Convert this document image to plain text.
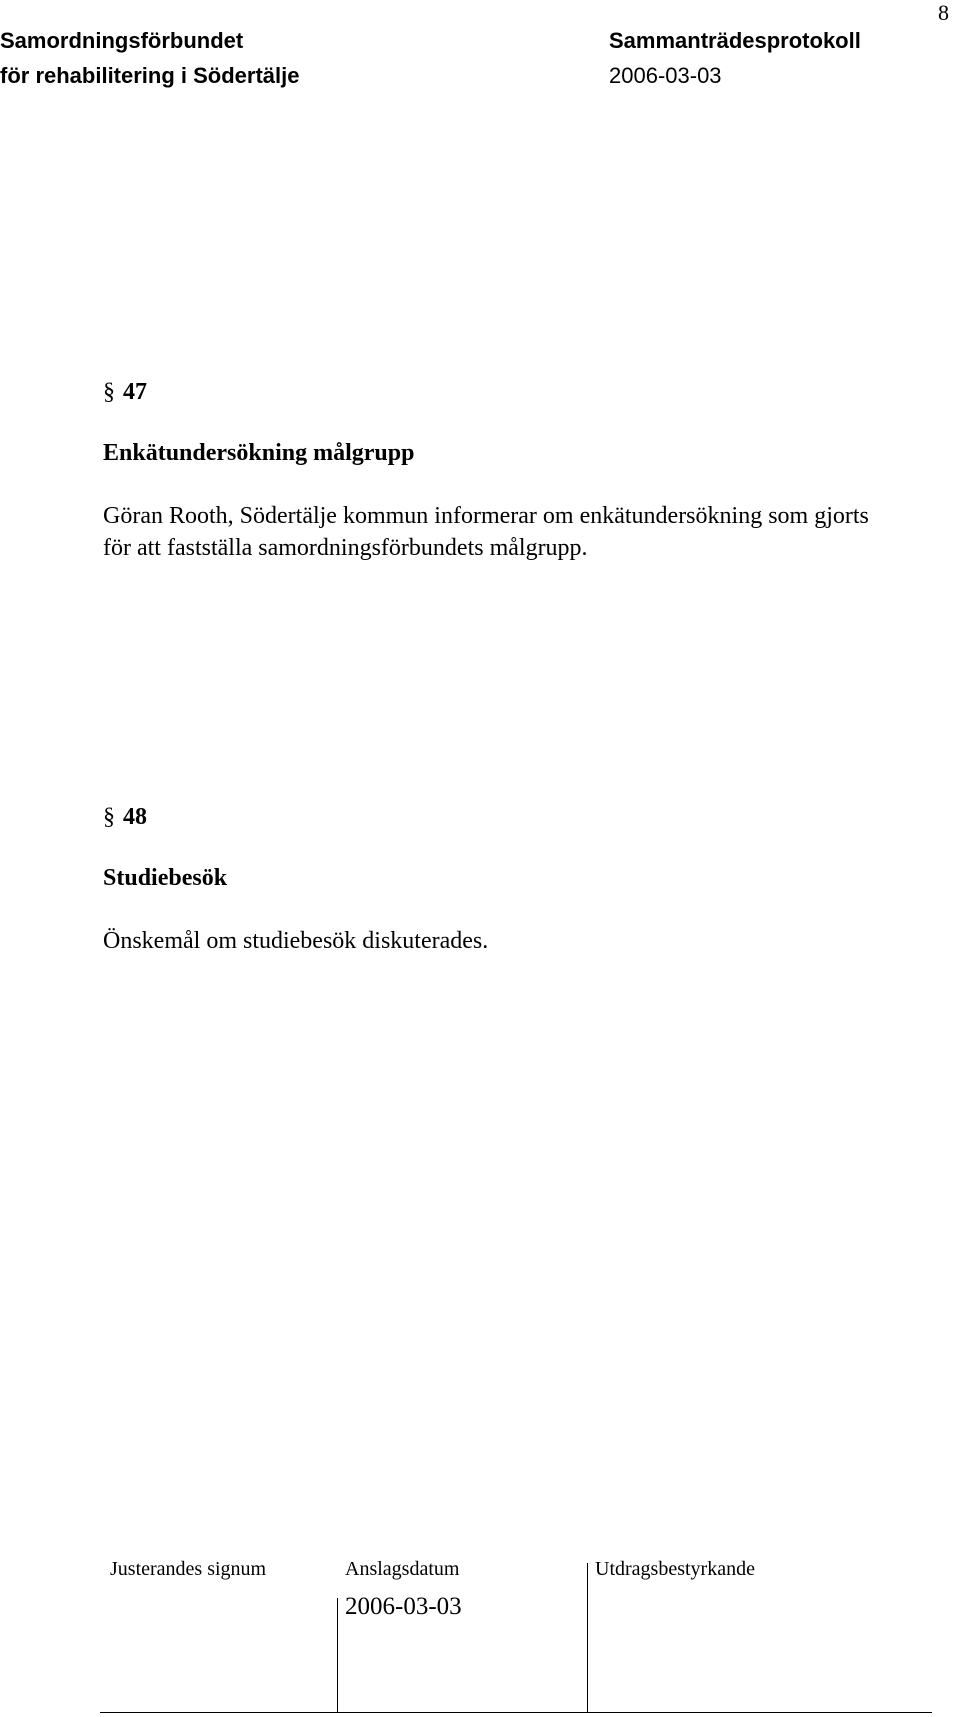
Samordningsförbundet
för rehabilitering i Södertälje
Sammanträdesprotokoll
2006-03-03
8
§ 47
Enkätundersökning målgrupp
Göran Rooth, Södertälje kommun informerar om enkätundersökning som gjorts
för att fastställa samordningsförbundets målgrupp.
§ 48
Studiebesök
Önskemål om studiebesök diskuterades.
Justerandes signum	Anslagsdatum	Utdragsbestyrkande
2006-03-03
